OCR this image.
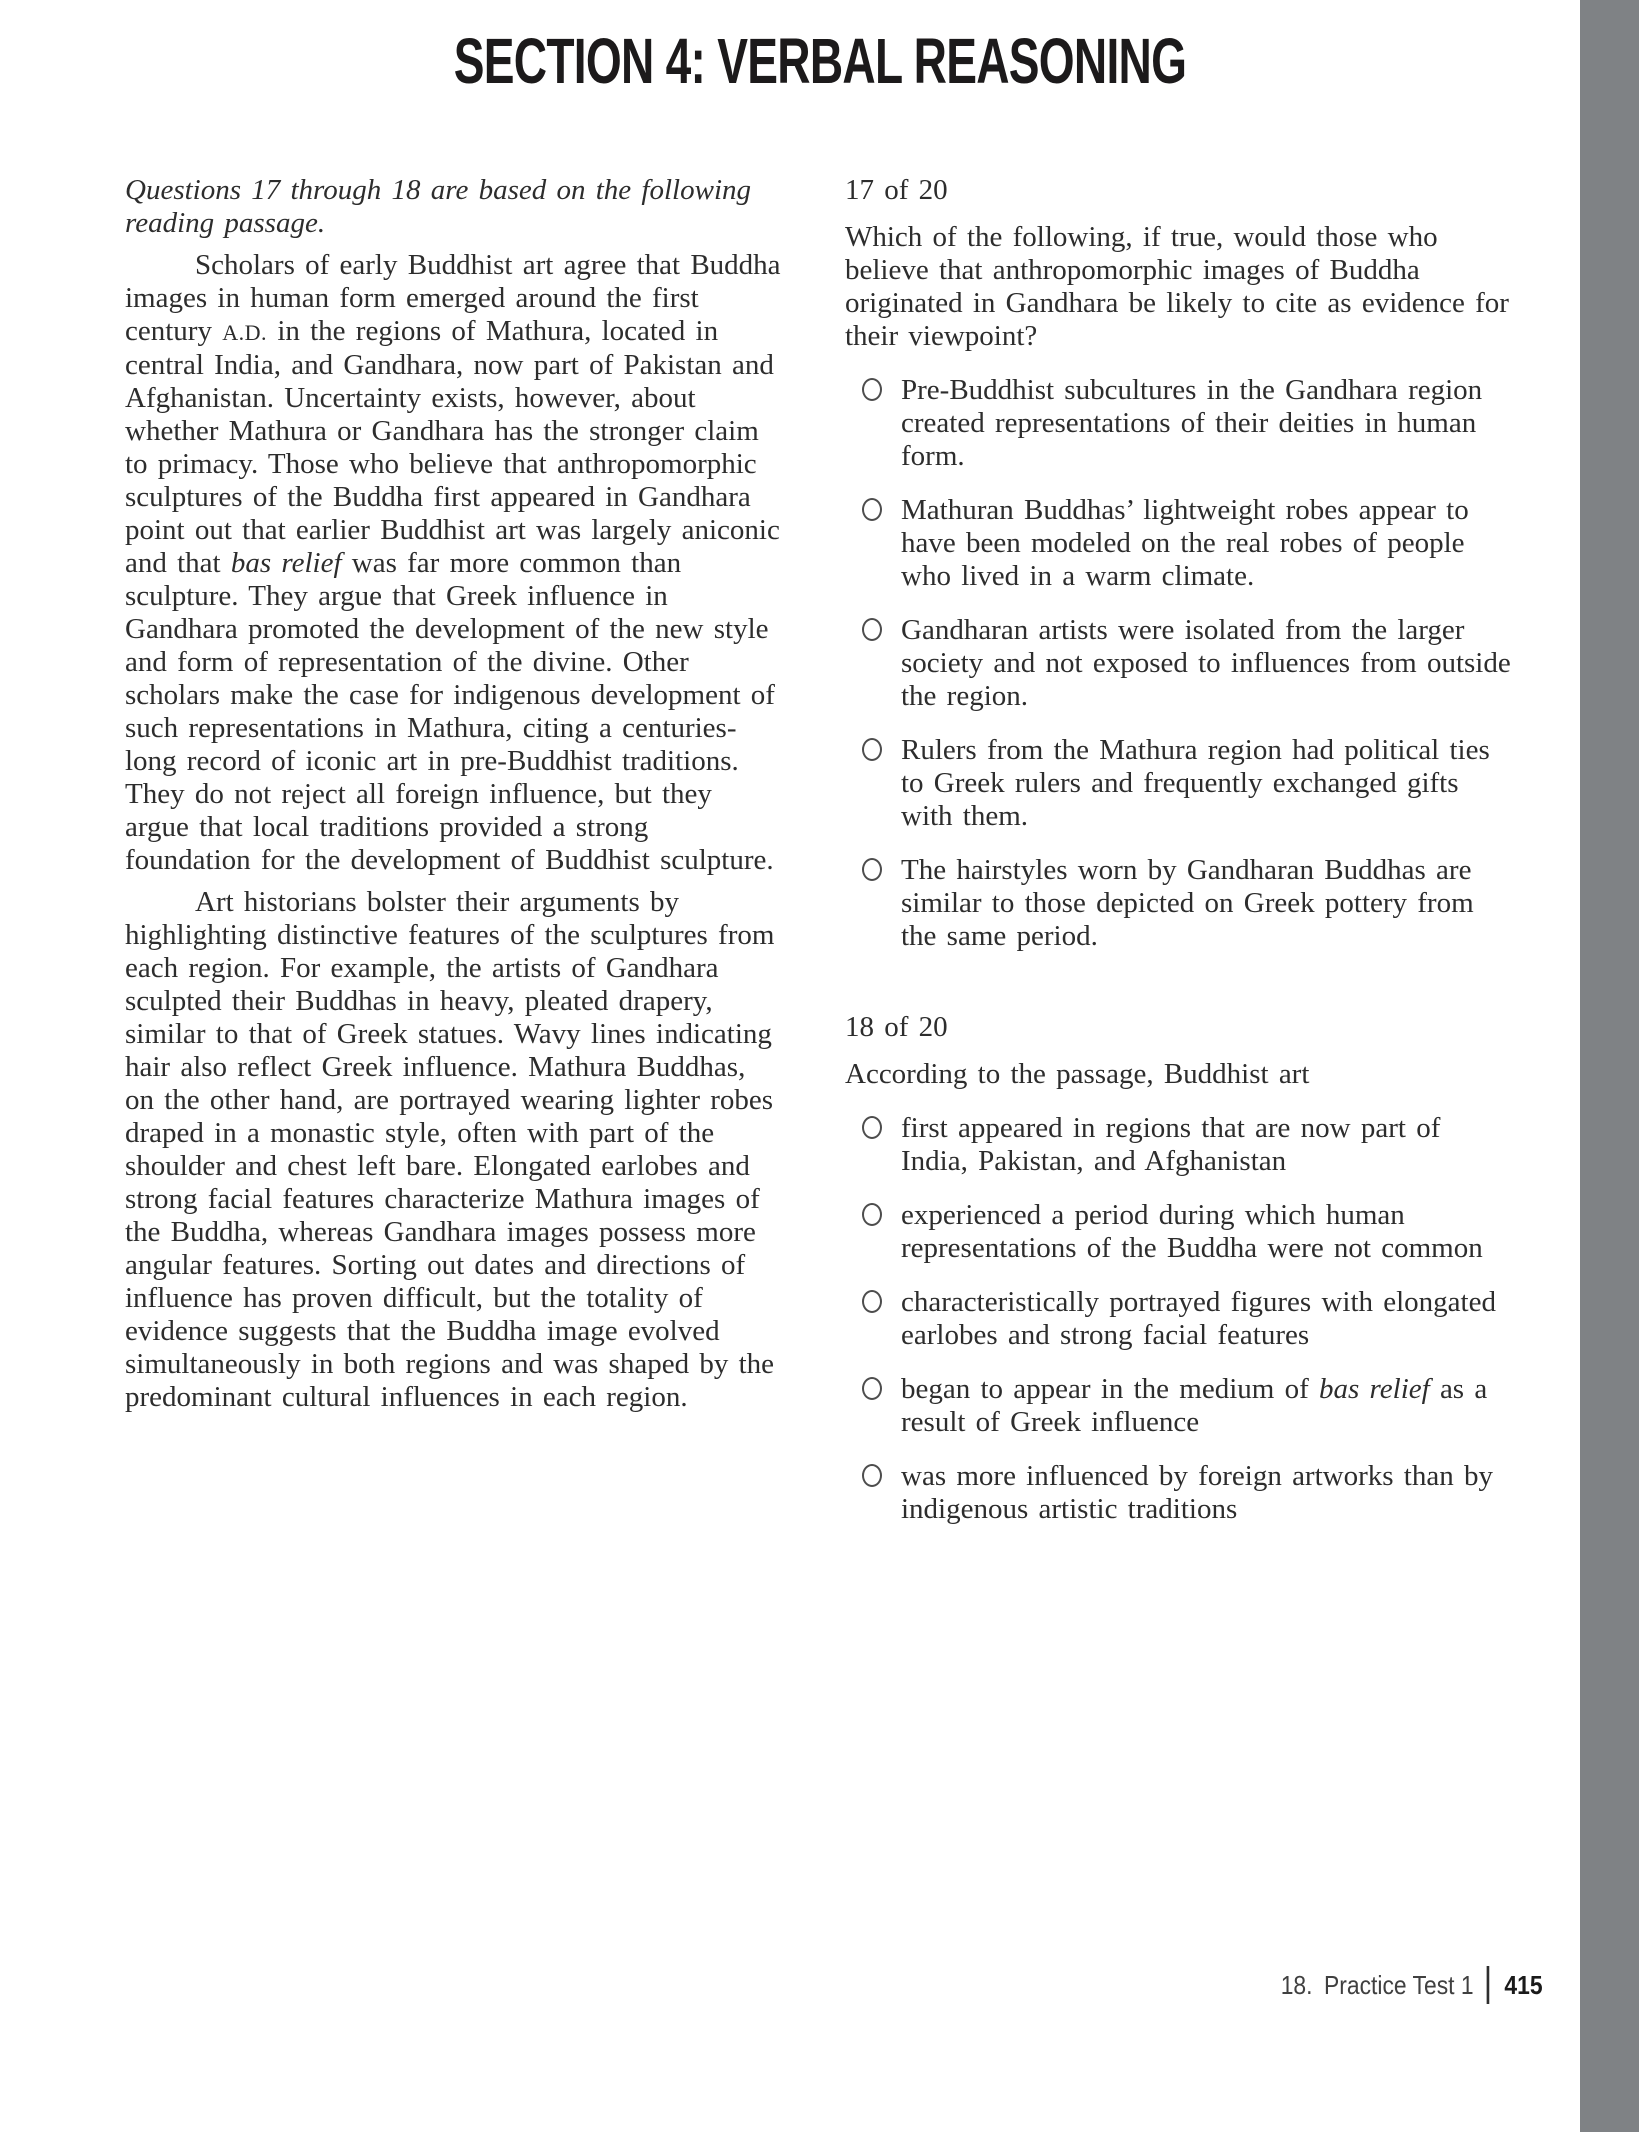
SECTION 4: VERBAL REASONING

Questions 17 through 18 are based on the following reading passage.

Scholars of early Buddhist art agree that Buddha images in human form emerged around the first century A.D. in the regions of Mathura, located in central India, and Gandhara, now part of Pakistan and Afghanistan. Uncertainty exists, however, about whether Mathura or Gandhara has the stronger claim to primacy. Those who believe that anthropomorphic sculptures of the Buddha first appeared in Gandhara point out that earlier Buddhist art was largely aniconic and that bas relief was far more common than sculpture. They argue that Greek influence in Gandhara promoted the development of the new style and form of representation of the divine. Other scholars make the case for indigenous development of such representations in Mathura, citing a centuries-long record of iconic art in pre-Buddhist traditions. They do not reject all foreign influence, but they argue that local traditions provided a strong foundation for the development of Buddhist sculpture.

Art historians bolster their arguments by highlighting distinctive features of the sculptures from each region. For example, the artists of Gandhara sculpted their Buddhas in heavy, pleated drapery, similar to that of Greek statues. Wavy lines indicating hair also reflect Greek influence. Mathura Buddhas, on the other hand, are portrayed wearing lighter robes draped in a monastic style, often with part of the shoulder and chest left bare. Elongated earlobes and strong facial features characterize Mathura images of the Buddha, whereas Gandhara images possess more angular features. Sorting out dates and directions of influence has proven difficult, but the totality of evidence suggests that the Buddha image evolved simultaneously in both regions and was shaped by the predominant cultural influences in each region.

17 of 20

Which of the following, if true, would those who believe that anthropomorphic images of Buddha originated in Gandhara be likely to cite as evidence for their viewpoint?

Pre-Buddhist subcultures in the Gandhara region created representations of their deities in human form.
Mathuran Buddhas’ lightweight robes appear to have been modeled on the real robes of people who lived in a warm climate.
Gandharan artists were isolated from the larger society and not exposed to influences from outside the region.
Rulers from the Mathura region had political ties to Greek rulers and frequently exchanged gifts with them.
The hairstyles worn by Gandharan Buddhas are similar to those depicted on Greek pottery from the same period.
18 of 20

According to the passage, Buddhist art

first appeared in regions that are now part of India, Pakistan, and Afghanistan
experienced a period during which human representations of the Buddha were not common
characteristically portrayed figures with elongated earlobes and strong facial features
began to appear in the medium of bas relief as a result of Greek influence
was more influenced by foreign artworks than by indigenous artistic traditions
18. Practice Test 1 415
